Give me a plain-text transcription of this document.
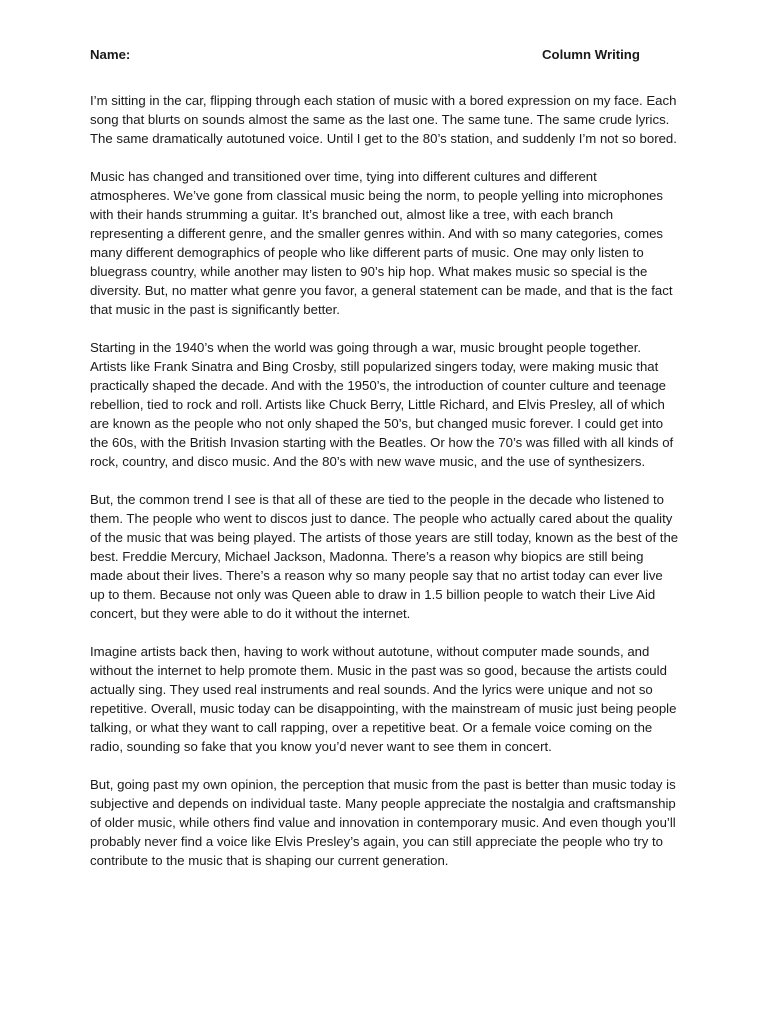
Name:	Column Writing

I’m sitting in the car, flipping through each station of music with a bored expression on my face. Each song that blurts on sounds almost the same as the last one. The same tune. The same crude lyrics. The same dramatically autotuned voice. Until I get to the 80’s station, and suddenly I’m not so bored.

Music has changed and transitioned over time, tying into different cultures and different atmospheres. We’ve gone from classical music being the norm, to people yelling into microphones with their hands strumming a guitar. It’s branched out, almost like a tree, with each branch representing a different genre, and the smaller genres within. And with so many categories, comes many different demographics of people who like different parts of music. One may only listen to bluegrass country, while another may listen to 90’s hip hop. What makes music so special is the diversity. But, no matter what genre you favor, a general statement can be made, and that is the fact that music in the past is significantly better.

Starting in the 1940’s when the world was going through a war, music brought people together. Artists like Frank Sinatra and Bing Crosby, still popularized singers today, were making music that practically shaped the decade. And with the 1950’s, the introduction of counter culture and teenage rebellion, tied to rock and roll. Artists like Chuck Berry, Little Richard, and Elvis Presley, all of which are known as the people who not only shaped the 50’s, but changed music forever. I could get into the 60s, with the British Invasion starting with the Beatles. Or how the 70’s was filled with all kinds of rock, country, and disco music. And the 80’s with new wave music, and the use of synthesizers.

But, the common trend I see is that all of these are tied to the people in the decade who listened to them. The people who went to discos just to dance. The people who actually cared about the quality of the music that was being played. The artists of those years are still today, known as the best of the best. Freddie Mercury, Michael Jackson, Madonna. There’s a reason why biopics are still being made about their lives. There’s a reason why so many people say that no artist today can ever live up to them. Because not only was Queen able to draw in 1.5 billion people to watch their Live Aid concert, but they were able to do it without the internet.

Imagine artists back then, having to work without autotune, without computer made sounds, and without the internet to help promote them. Music in the past was so good, because the artists could actually sing. They used real instruments and real sounds. And the lyrics were unique and not so repetitive. Overall, music today can be disappointing, with the mainstream of music just being people talking, or what they want to call rapping, over a repetitive beat. Or a female voice coming on the radio, sounding so fake that you know you’d never want to see them in concert.

But, going past my own opinion, the perception that music from the past is better than music today is subjective and depends on individual taste. Many people appreciate the nostalgia and craftsmanship of older music, while others find value and innovation in contemporary music. And even though you’ll probably never find a voice like Elvis Presley’s again, you can still appreciate the people who try to contribute to the music that is shaping our current generation.
